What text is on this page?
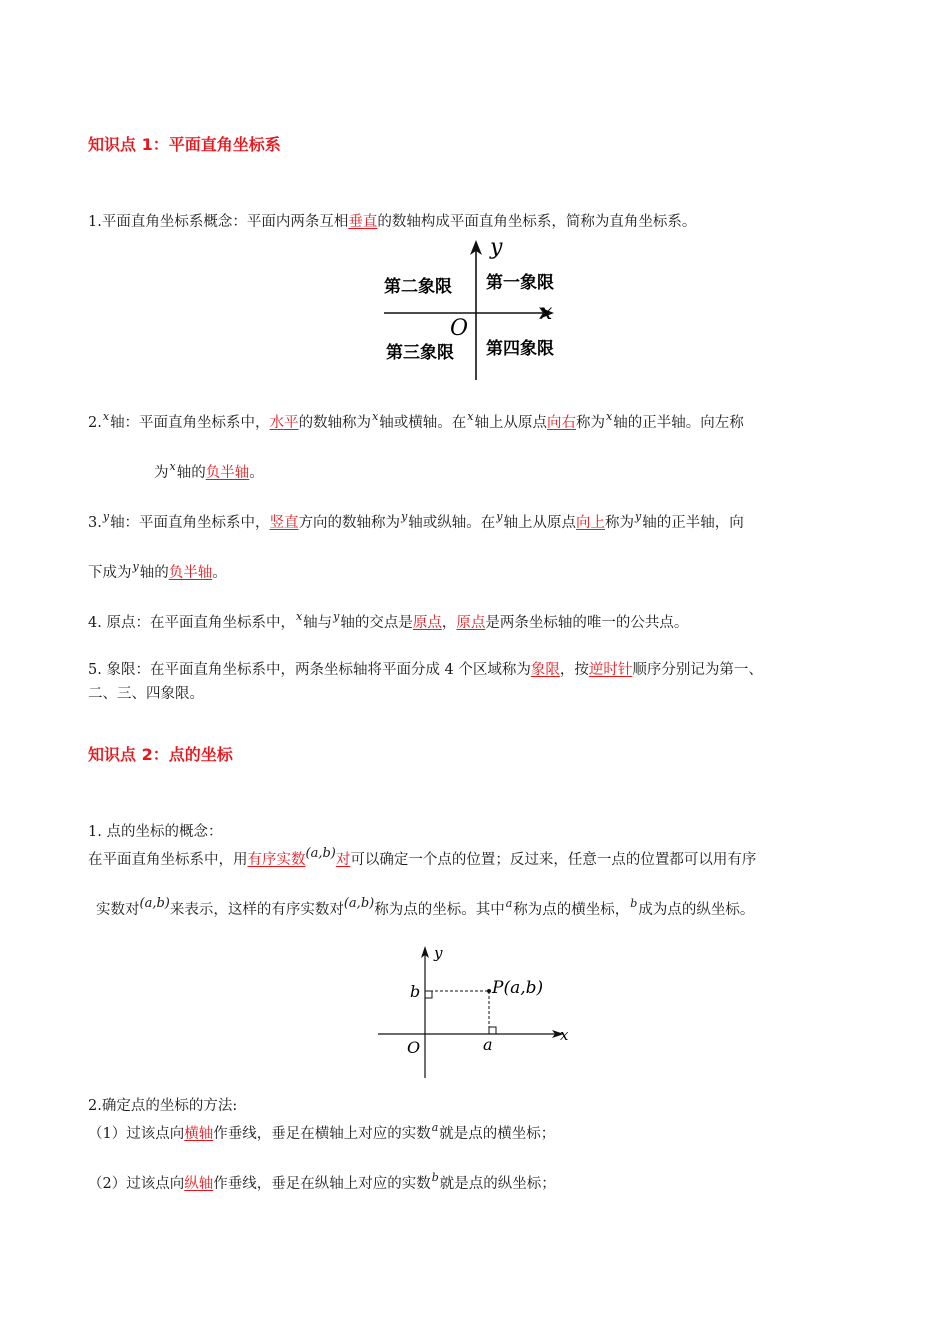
知识点 1：平面直角坐标系
1.平面直角坐标系概念：平面内两条互相垂直的数轴构成平面直角坐标系，简称为直角坐标系。
y
x
O
第二象限 第一象限
第三象限 第四象限
2.$^x$轴：平面直角坐标系中，水平的数轴称为$^x$轴或横轴。在$^x$轴上从原点向右称为$^x$轴的正半轴。向左称
为$^x$轴的负半轴。
3.$^y$轴：平面直角坐标系中，竖直方向的数轴称为$^y$轴或纵轴。在$^y$轴上从原点向上称为$^y$轴的正半轴，向
下成为$^y$轴的负半轴。
4. 原点：在平面直角坐标系中，$^x$轴与$^y$轴的交点是原点，原点是两条坐标轴的唯一的公共点。
5. 象限：在平面直角坐标系中，两条坐标轴将平面分成 4 个区域称为象限，按逆时针顺序分别记为第一、
二、三、四象限。
知识点 2：点的坐标
1. 点的坐标的概念：
在平面直角坐标系中，用有序实数(a,b)对可以确定一个点的位置；反过来，任意一点的位置都可以用有序
实数对(a,b)来表示，这样的有序实数对(a,b)称为点的坐标。其中$^a$称为点的横坐标，$^b$成为点的纵坐标。
y
x
O
b
a
P(a,b)
2.确定点的坐标的方法:
（1）过该点向横轴作垂线，垂足在横轴上对应的实数$^a$就是点的横坐标；
（2）过该点向纵轴作垂线，垂足在纵轴上对应的实数$^b$就是点的纵坐标；
